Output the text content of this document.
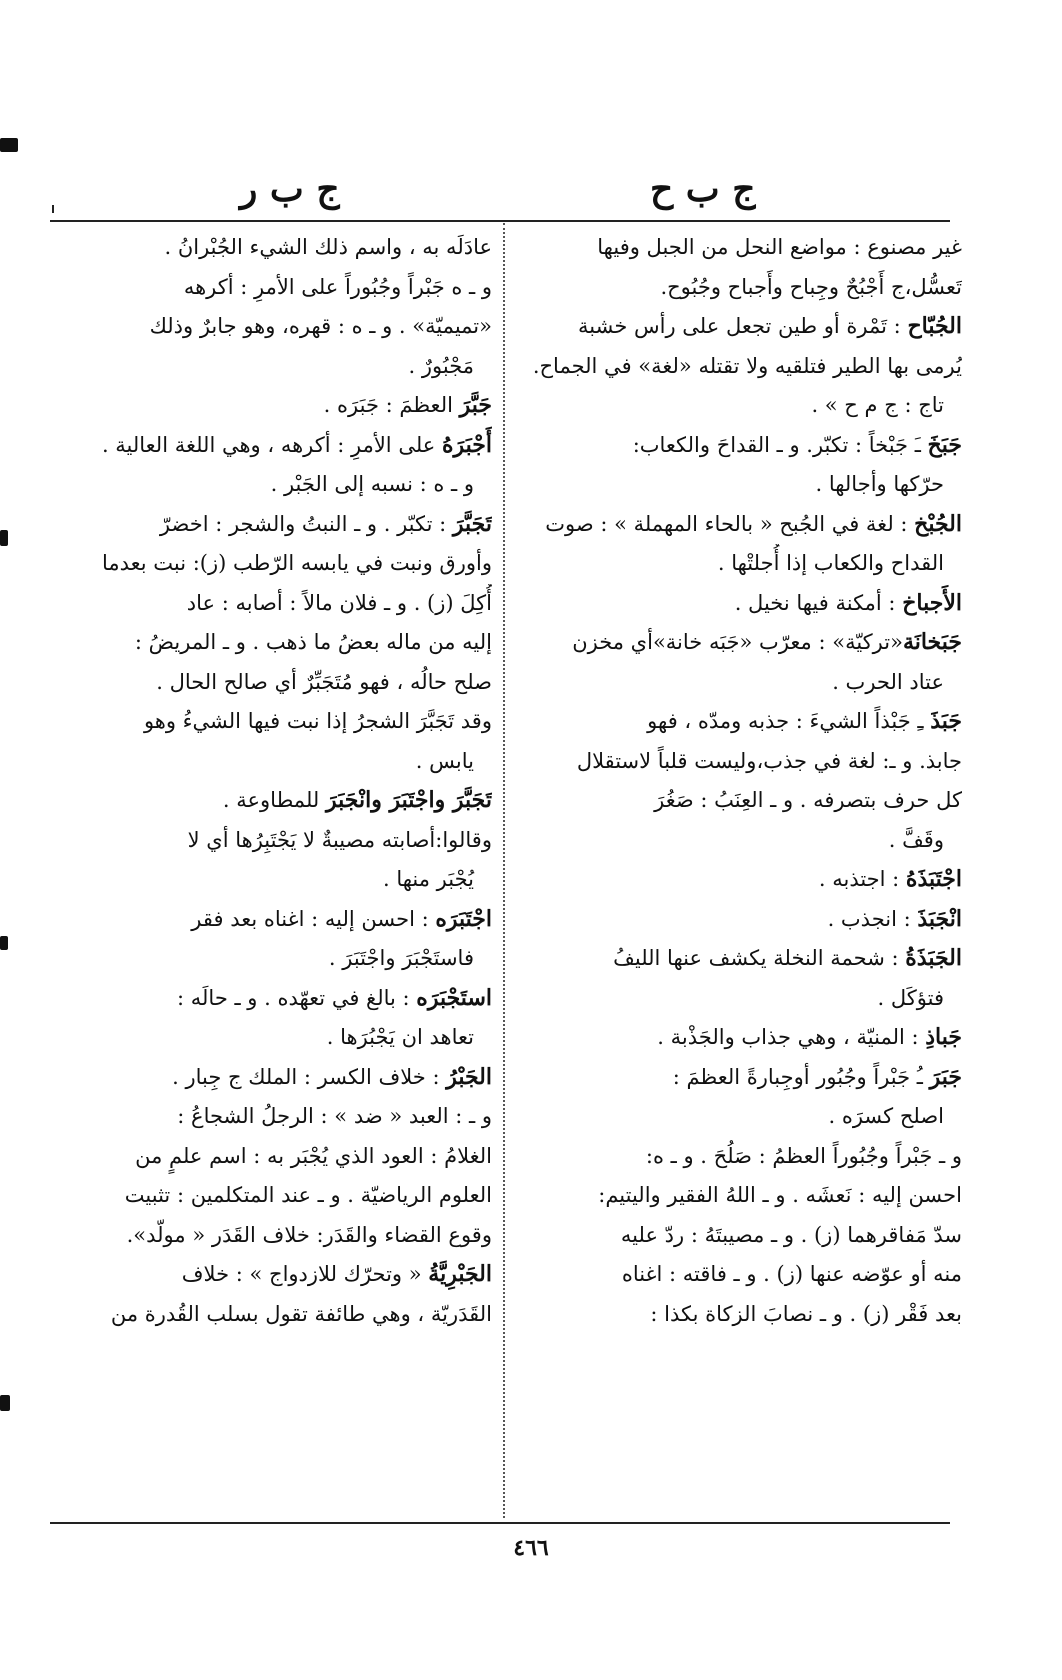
ج ب ح
ج ب ر
غير مصنوع : مواضع النحل من الجبل وفيها
تَعسُّل،ج أَجْبُحٌ وجِباح وأَجباح وجُبُوح.
الجُبّاح : تَمْرة أو طين تجعل على رأس خشبة
يُرمى بها الطير فتلقيه ولا تقتله «لغة» في الجماح.
تاج : ج م ح » .
جَبَخَ ـَ جَبْخاً : تكبّر. و ـ القداحَ والكعاب:
حرّكها وأجالها .
الجُبْخ : لغة في الجُبح « بالحاء المهملة » : صوت
القداح والكعاب إذا أُجلتْها .
الأَجباخ : أمكنة فيها نخيل .
جَبَخانَة«تركيّة» : معرّب «جَبَه خانة»أي مخزن
عتاد الحرب .
جَبَذَ ـِ جَبْذاً الشيءَ : جذبه ومدّه ، فهو
جابذ. و ـ: لغة في جذب،وليست قلباً لاستقلال
كل حرف بتصرفه . و ـ العِنَبُ : صَغُرَ
وقَفَّ .
اجْتَبَذَهُ : اجتذبه .
انْجَبَذَ : انجذب .
الجَبَذَةُ : شحمة النخلة يكشف عنها الليفُ
فتؤكَل .
جَباذِ : المنيّة ، وهي جذاب والجَذْبة .
جَبَرَ ـُ جَبْراً وجُبُور أوجِبارةً العظمَ :
اصلح كسرَه .
و ـ جَبْراً وجُبُوراً العظمُ : صَلُحَ . و ـ ه:
احسن إليه : نَعشَه . و ـ اللهُ الفقير واليتيم:
سدّ مَفاقرهما (ز) . و ـ مصيبتَهُ : ردّ عليه
منه أو عوّضه عنها (ز) . و ـ فاقته : اغناه
بعد فَقْر (ز) . و ـ نصابَ الزكاة بكذا :
عادَلَه به ، واسم ذلك الشيء الجُبْرانُ .
و ـ ه جَبْراً وجُبُوراً على الأمرِ : أكرهه
«تميميّة» . و ـ ه : قهره، وهو جابرٌ وذلك
مَجْبُورٌ .
جَبَّرَ العظمَ : جَبَرَه .
أَجْبَرَهُ على الأمرِ : أكرهه ، وهي اللغة العالية .
و ـ ه : نسبه إلى الجَبْر .
تَجَبَّرَ : تكبّر . و ـ النبتُ والشجر : اخضرّ
وأورق ونبت في يابسه الرّطب (ز): نبت بعدما
أُكِلَ (ز) . و ـ فلان مالاً : أصابه : عاد
إليه من ماله بعضُ ما ذهب . و ـ المريضُ :
صلح حالُه ، فهو مُتَجَبِّرٌ أي صالح الحال .
وقد تَجَبَّرَ الشجرُ إذا نبت فيها الشيءُ وهو
يابس .
تَجَبَّرَ واجْتَبَرَ وانْجَبَرَ للمطاوعة .
وقالوا:أصابته مصيبةٌ لا يَجْتَبِرُها أي لا
يُجْبَر منها .
اجْتَبَرَه : احسن إليه : اغناه بعد فقر
فاستَجْبَرَ واجْتَبَرَ .
استَجْبَرَه : بالغ في تعهّده . و ـ حالَه :
تعاهد ان يَجْبُرَها .
الجَبْرُ : خلاف الكسر : الملك ج جِبار .
و ـ : العبد « ضد » : الرجلُ الشجاعُ :
الغلامُ : العود الذي يُجْبَر به : اسم علمٍ من
العلوم الرياضيّة . و ـ عند المتكلمين : تثبيت
وقوع القضاء والقَدَر: خلاف القَدَر « مولّد».
الجَبْرِيَّةُ « وتحرّك للازدواج » : خلاف
القَدَريّة ، وهي طائفة تقول بسلب القُدرة من
٤٦٦
